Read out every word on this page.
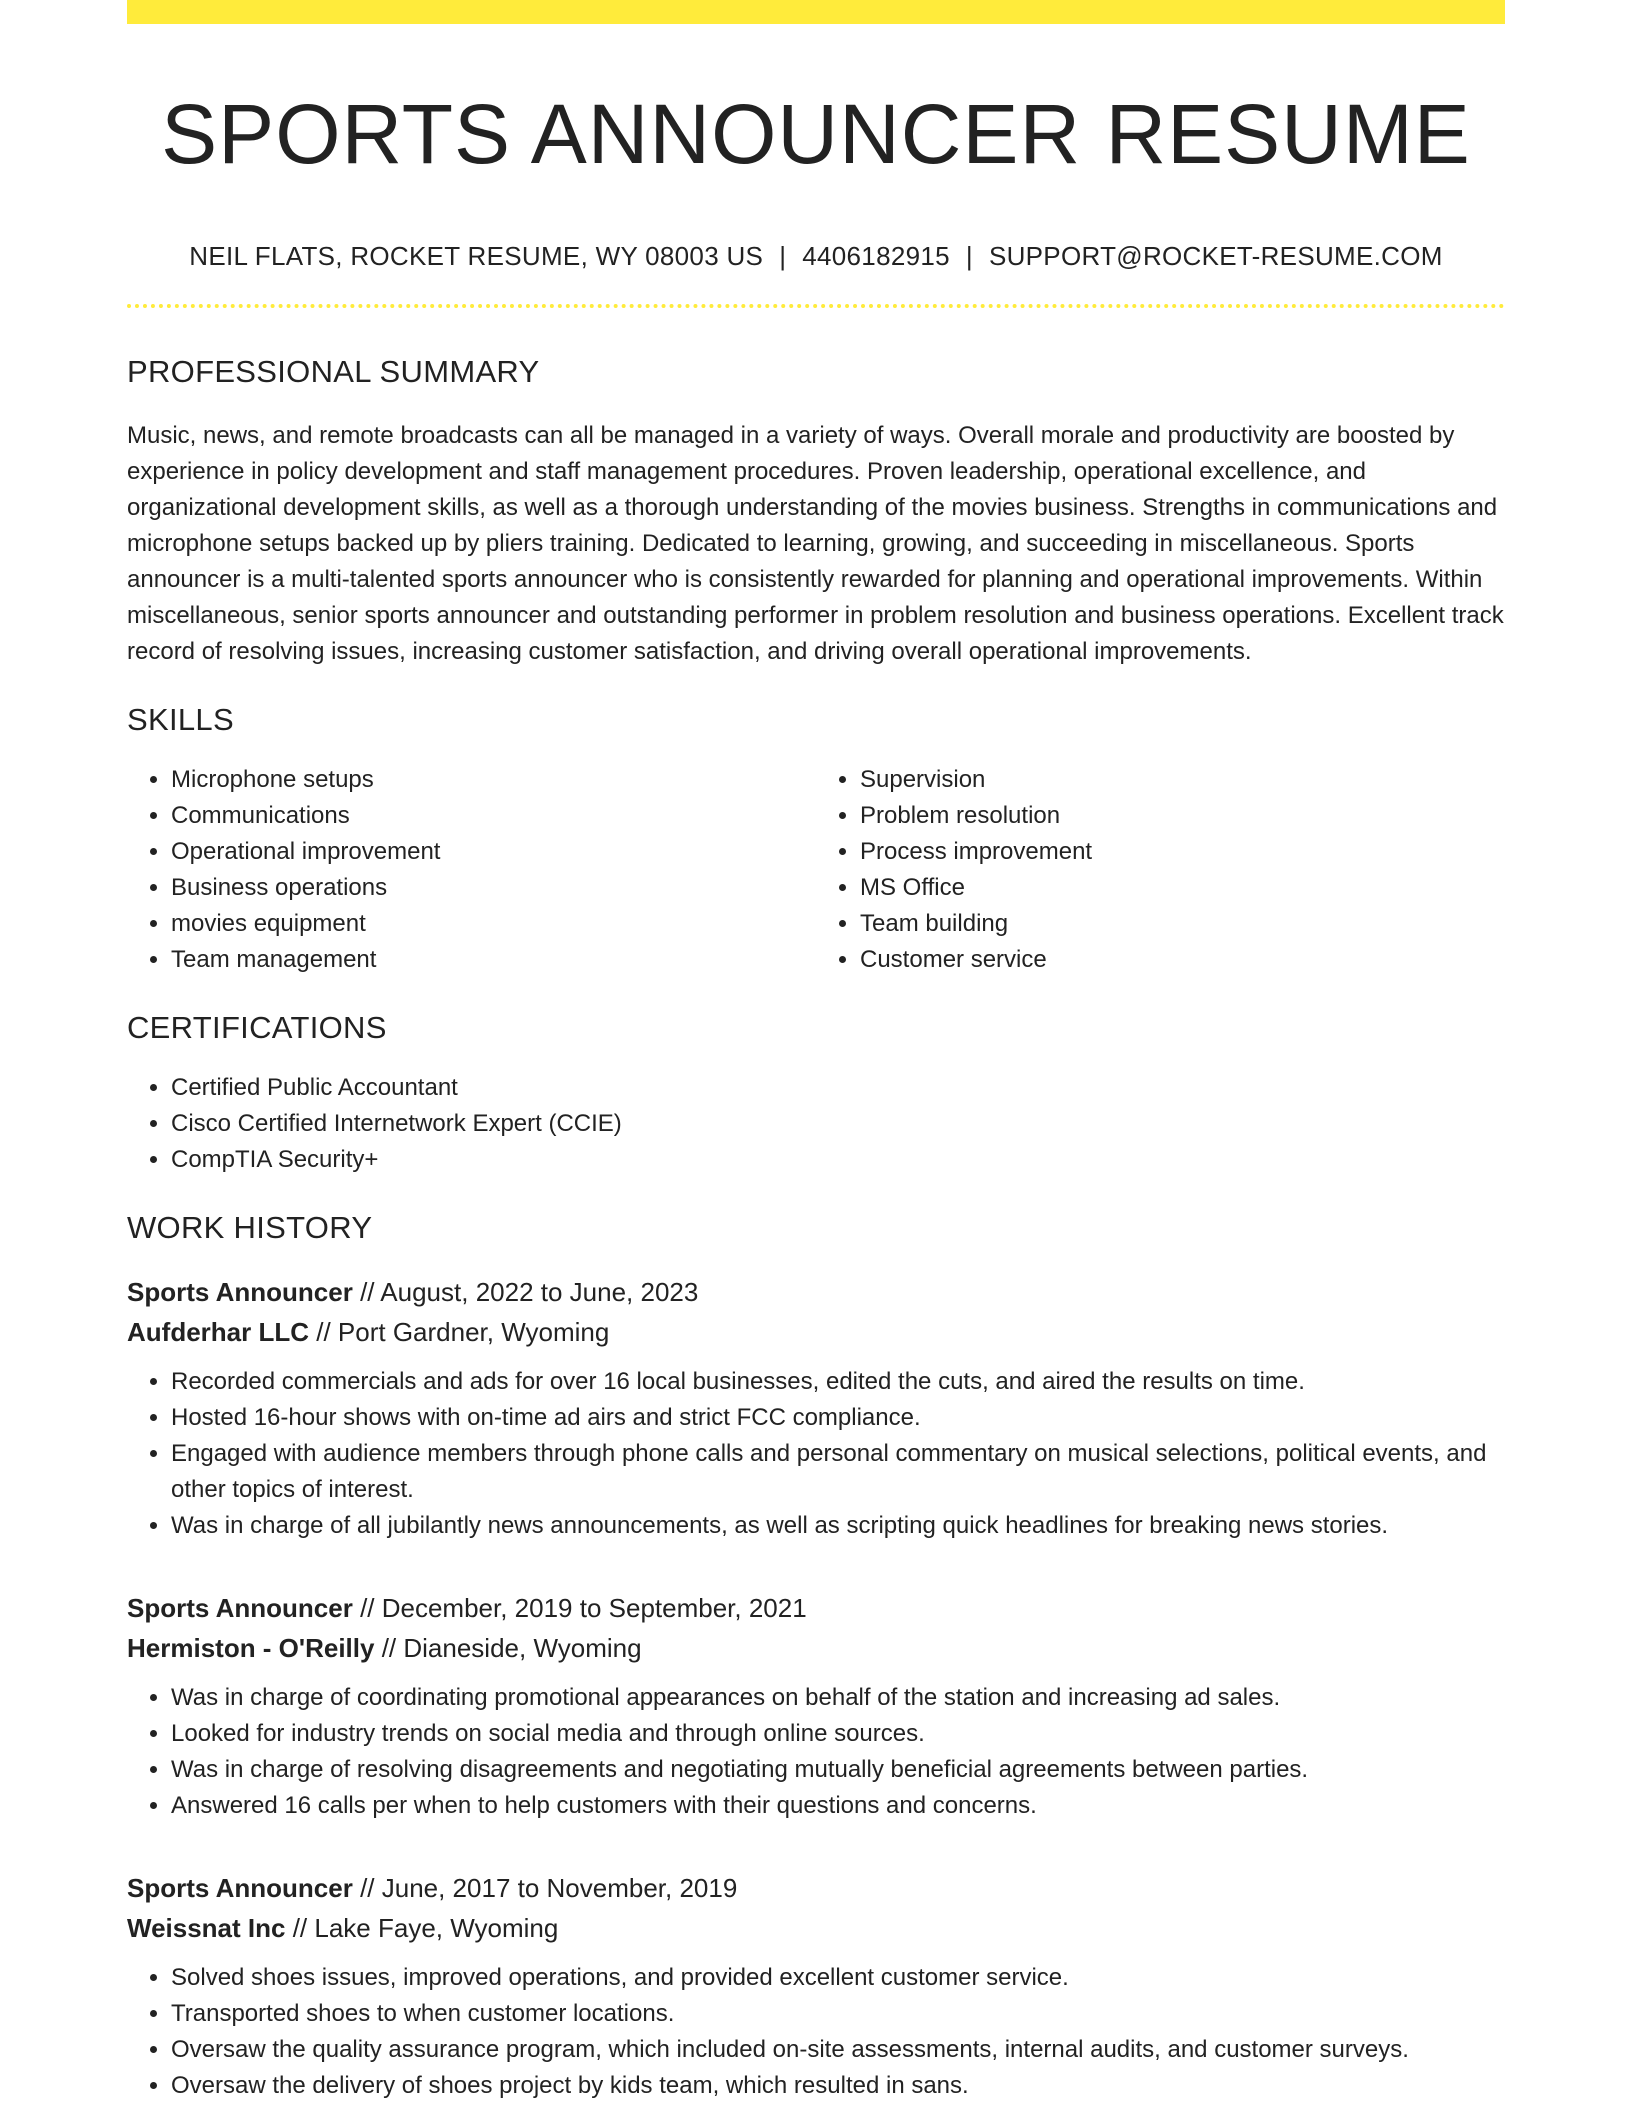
SPORTS ANNOUNCER RESUME
NEIL FLATS, ROCKET RESUME, WY 08003 US | 4406182915 | SUPPORT@ROCKET-RESUME.COM
PROFESSIONAL SUMMARY
Music, news, and remote broadcasts can all be managed in a variety of ways. Overall morale and productivity are boosted by experience in policy development and staff management procedures. Proven leadership, operational excellence, and organizational development skills, as well as a thorough understanding of the movies business. Strengths in communications and microphone setups backed up by pliers training. Dedicated to learning, growing, and succeeding in miscellaneous. Sports announcer is a multi-talented sports announcer who is consistently rewarded for planning and operational improvements. Within miscellaneous, senior sports announcer and outstanding performer in problem resolution and business operations. Excellent track record of resolving issues, increasing customer satisfaction, and driving overall operational improvements.
SKILLS
• Microphone setups
• Communications
• Operational improvement
• Business operations
• movies equipment
• Team management
• Supervision
• Problem resolution
• Process improvement
• MS Office
• Team building
• Customer service
CERTIFICATIONS
• Certified Public Accountant
• Cisco Certified Internetwork Expert (CCIE)
• CompTIA Security+
WORK HISTORY
Sports Announcer // August, 2022 to June, 2023
Aufderhar LLC // Port Gardner, Wyoming
• Recorded commercials and ads for over 16 local businesses, edited the cuts, and aired the results on time.
• Hosted 16-hour shows with on-time ad airs and strict FCC compliance.
• Engaged with audience members through phone calls and personal commentary on musical selections, political events, and other topics of interest.
• Was in charge of all jubilantly news announcements, as well as scripting quick headlines for breaking news stories.
Sports Announcer // December, 2019 to September, 2021
Hermiston - O'Reilly // Dianeside, Wyoming
• Was in charge of coordinating promotional appearances on behalf of the station and increasing ad sales.
• Looked for industry trends on social media and through online sources.
• Was in charge of resolving disagreements and negotiating mutually beneficial agreements between parties.
• Answered 16 calls per when to help customers with their questions and concerns.
Sports Announcer // June, 2017 to November, 2019
Weissnat Inc // Lake Faye, Wyoming
• Solved shoes issues, improved operations, and provided excellent customer service.
• Transported shoes to when customer locations.
• Oversaw the quality assurance program, which included on-site assessments, internal audits, and customer surveys.
• Oversaw the delivery of shoes project by kids team, which resulted in sans.
